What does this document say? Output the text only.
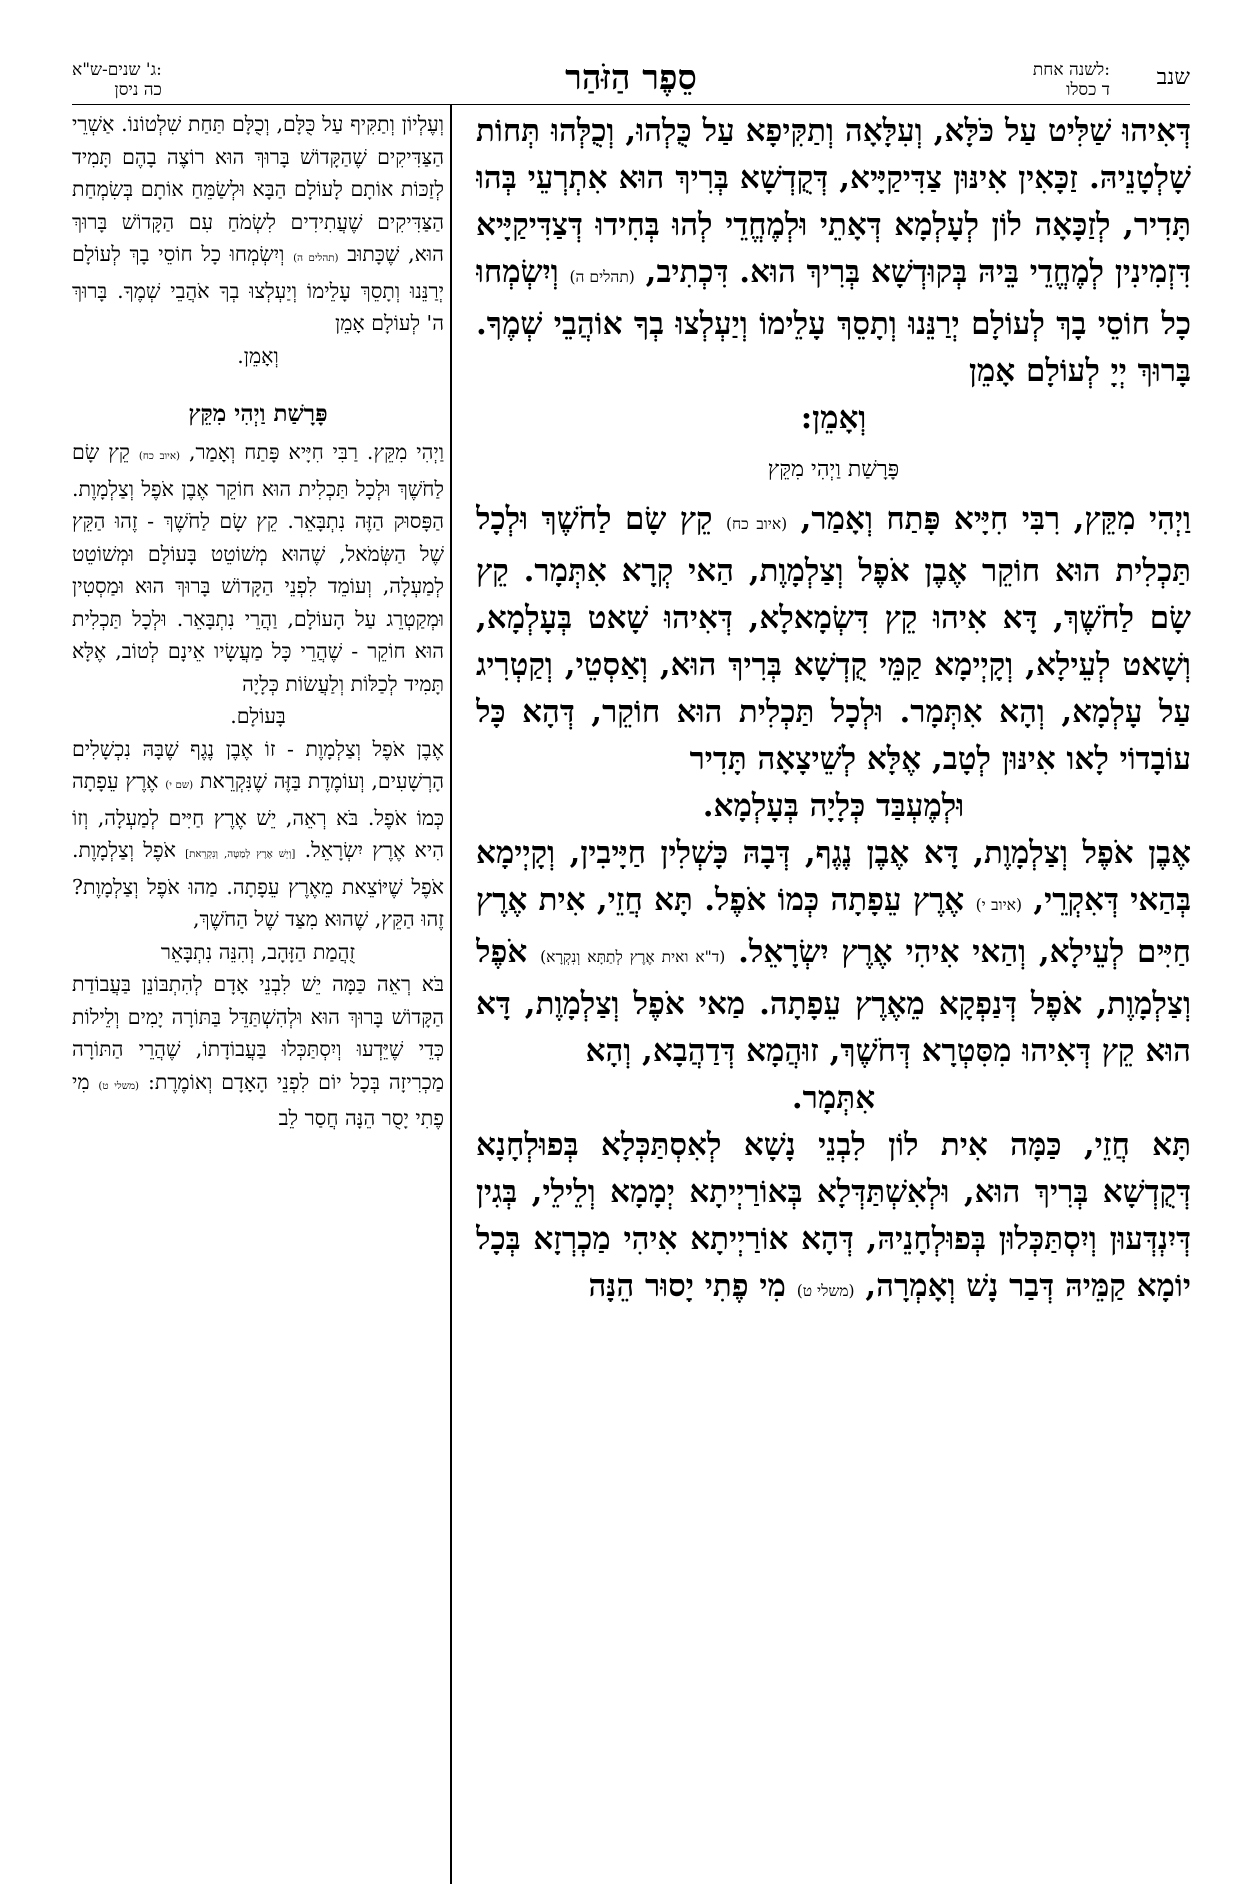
ג' שנים-ש"א:
כה ניסן	סֵפֶר הַזֹּהַר	לשנה אחת:
ד כסלו שנב

דְּאִיהוּ שַׁלִּיט עַל כֹּלָּא, וְעִלָּאָה וְתַקִּיפָא עַל כֻּלְהוּ, וְכֻלְּהוּ תְּחוֹת שָׁלְטָנֵיהּ. זַכָּאִין אִינּוּן צַדִּיקַיָּיא, דְּקֻדְשָׁא בְּרִיךְ הוּא אִתְרְעֵי בְּהוּ תָּדִיר, לְזַכָּאָה לוֹן לְעָלְמָא דְּאָתֵי וּלְמֶחֱדֵי לְהוּ בְּחִידוּ דְּצַדִּיקַיָּיא דִּזְמִינִין לְמֶחֱדֵי בֵּיהּ בְּקוּדְשָׁא בְּרִיךְ הוּא. דִּכְתִיב, (תהלים ה) וְיִשְׂמְחוּ כָל חוֹסֵי בָךְ לְעוֹלָם יְרַנֵּנוּ וְתָסֵךְ עָלֵימוֹ וְיַעְלְצוּ בְךָ אוֹהֲבֵי שְׁמֶךָ. בָּרוּךְ יְיָ לְעוֹלָם אָמֵן

וְאָמֵן:

פָּרָשַׁת וַיְהִי מִקֵּץ

וַיְהִי מִקֵּץ, רִבִּי חִיָּיא פָּתַח וְאָמַר, (איוב כח) קֵץ שָׂם לַחֹשֶׁךְ וּלְכָל תַּכְלִית הוּא חוֹקֵר אֶבֶן אֹפֶל וְצַלְמָוֶת, הַאי קְרָא אִתְּמָר. קֵץ שָׂם לַחֹשֶׁךְ, דָּא אִיהוּ קֵץ דִּשְׂמָאלָא, דְּאִיהוּ שָׁאט בְּעָלְמָא, וְשָׁאט לְעֵילָא, וְקָיְימָא קַמֵּי קֻדְשָׁא בְּרִיךְ הוּא, וְאַסְטֵי, וְקַטְרִיג עַל עָלְמָא, וְהָא אִתְּמָר. וּלְכָל תַּכְלִית הוּא חוֹקֵר, דְּהָא כָּל עוֹבָדוֹי לָאו אִינּוּן לְטָב, אֶלָּא לְשֵׁיצָאָה תָּדִיר

וּלְמֶעְבַּד כְּלָיָה בְּעָלְמָא.

אֶבֶן אֹפֶל וְצַלְמָוֶת, דָּא אֶבֶן נֶגֶף, דְּבָהּ כָּשְׁלִין חַיָּיבִין, וְקָיְימָא בְּהַאי דְּאִקְרֵי, (איוב י) אֶרֶץ עֵפָתָה כְּמוֹ אֹפֶל. תָּא חֲזֵי, אִית אֶרֶץ חַיִּים לְעֵילָא, וְהַאי אִיהִי אֶרֶץ יִשְׂרָאֵל. (ד"א ואית אֶרֶץ לְתַתָּא וְנִקְרָא) אֹפֶל וְצַלְמָוֶת, אֹפֶל דְּנַפְקָא מֵאֶרֶץ עֵפָתָה. מַאי אֹפֶל וְצַלְמָוֶת, דָּא הוּא קֵץ דְּאִיהוּ מִסִּטְרָא דְּחֹשֶׁךְ, זוּהֲמָא דְּדַהֲבָא, וְהָא

אִתְּמָר.

תָּא חֲזֵי, כַּמָּה אִית לוֹן לִבְנֵי נָשָׁא לְאִסְתַּכְּלָא בְּפוּלְחָנָא דְּקֻדְשָׁא בְּרִיךְ הוּא, וּלְאִשְׁתַּדְּלָא בְּאוֹרַיְיתָא יְמָמָא וְלֵילֵי, בְּגִין דְּיִנְדְּעוּן וְיִסְתַּכְּלוּן בְּפוּלְחָנֵיהּ, דְּהָא אוֹרַיְיתָא אִיהִי מַכְרְזָא בְּכָל יוֹמָא קַמֵּיהּ דְּבַר נָשׁ וְאָמְרָה, (משלי ט) מִי פֶתִי יָסוּר הֵנָּה

וְעֶלְיוֹן וְתַקִּיף עַל כֻּלָּם, וְכֻלָּם תַּחַת שִׁלְטוֹנוֹ. אַשְׁרֵי הַצַּדִּיקִים שֶׁהַקָּדוֹשׁ בָּרוּךְ הוּא רוֹצֶה בָהֶם תָּמִיד לְזַכּוֹת אוֹתָם לָעוֹלָם הַבָּא וּלְשַׂמֵּחַ אוֹתָם בְּשִׂמְחַת הַצַּדִּיקִים שֶׁעֲתִידִים לִשְׂמֹחַ עִם הַקָּדוֹשׁ בָּרוּךְ הוּא, שֶׁכָּתוּב (תהלים ה) וְיִשְׂמְחוּ כָל חוֹסֵי בָךְ לְעוֹלָם יְרַנֵּנוּ וְתָסֵךְ עָלֵימוֹ וְיַעְלְצוּ בְךָ אֹהֲבֵי שְׁמֶךָ. בָּרוּךְ ה' לְעוֹלָם אָמֵן

וְאָמֵן.

פָּרָשַׁת וַיְהִי מִקֵּץ

וַיְהִי מִקֵּץ. רַבִּי חִיָּיא פָּתַח וְאָמַר, (איוב כח) קֵץ שָׂם לַחֹשֶׁךְ וּלְכָל תַּכְלִית הוּא חוֹקֵר אֶבֶן אֹפֶל וְצַלְמָוֶת. הַפָּסוּק הַזֶּה נִתְבָּאֵר. קֵץ שָׂם לַחֹשֶׁךְ - זֶהוּ הַקֵּץ שֶׁל הַשְּׂמֹאל, שֶׁהוּא מְשׁוֹטֵט בָּעוֹלָם וּמְשׁוֹטֵט לְמַעְלָה, וְעוֹמֵד לִפְנֵי הַקָּדוֹשׁ בָּרוּךְ הוּא וּמַסְטִין וּמְקַטְרֵג עַל הָעוֹלָם, וַהֲרֵי נִתְבָּאֵר. וּלְכָל תַּכְלִית הוּא חוֹקֵר - שֶׁהֲרֵי כָּל מַעֲשָׂיו אֵינָם לְטוֹב, אֶלָּא תָּמִיד לְכַלּוֹת וְלַעֲשׂוֹת כְּלָיָה

בָּעוֹלָם.

אֶבֶן אֹפֶל וְצַלְמָוֶת - זוֹ אֶבֶן נֶגֶף שֶׁבָּהּ נִכְשָׁלִים הָרְשָׁעִים, וְעוֹמֶדֶת בַּזֶּה שֶׁנִּקְרֵאת (שם י) אֶרֶץ עֵפָתָה כְּמוֹ אֹפֶל. בֹּא רְאֵה, יֵשׁ אֶרֶץ חַיִּים לְמַעְלָה, וְזוֹ הִיא אֶרֶץ יִשְׂרָאֵל. [וְיֵשׁ אֶרֶץ לְמַטָּה, וְנִקְרֵאת] אֹפֶל וְצַלְמָוֶת. אֹפֶל שֶׁיּוֹצֵאת מֵאֶרֶץ עֵפָתָה. מַהוּ אֹפֶל וְצַלְמָוֶת? זֶהוּ הַקֵּץ, שֶׁהוּא מִצַּד שֶׁל הַחֹשֶׁךְ,

זֻהֲמַת הַזָּהָב, וְהִנֵּה נִתְבָּאֵר

בֹּא רְאֵה כַּמָּה יֵשׁ לִבְנֵי אָדָם לְהִתְבּוֹנֵן בַּעֲבוֹדַת הַקָּדוֹשׁ בָּרוּךְ הוּא וּלְהִשְׁתַּדֵּל בַּתּוֹרָה יָמִים וְלֵילוֹת כְּדֵי שֶׁיֵּדְעוּ וְיִסְתַּכְּלוּ בַּעֲבוֹדָתוֹ, שֶׁהֲרֵי הַתּוֹרָה מַכְרִיזָה בְּכָל יוֹם לִפְנֵי הָאָדָם וְאוֹמֶרֶת: (משלי ט) מִי פֶתִי יָסֻר הֵנָּה חֲסַר לֵב
